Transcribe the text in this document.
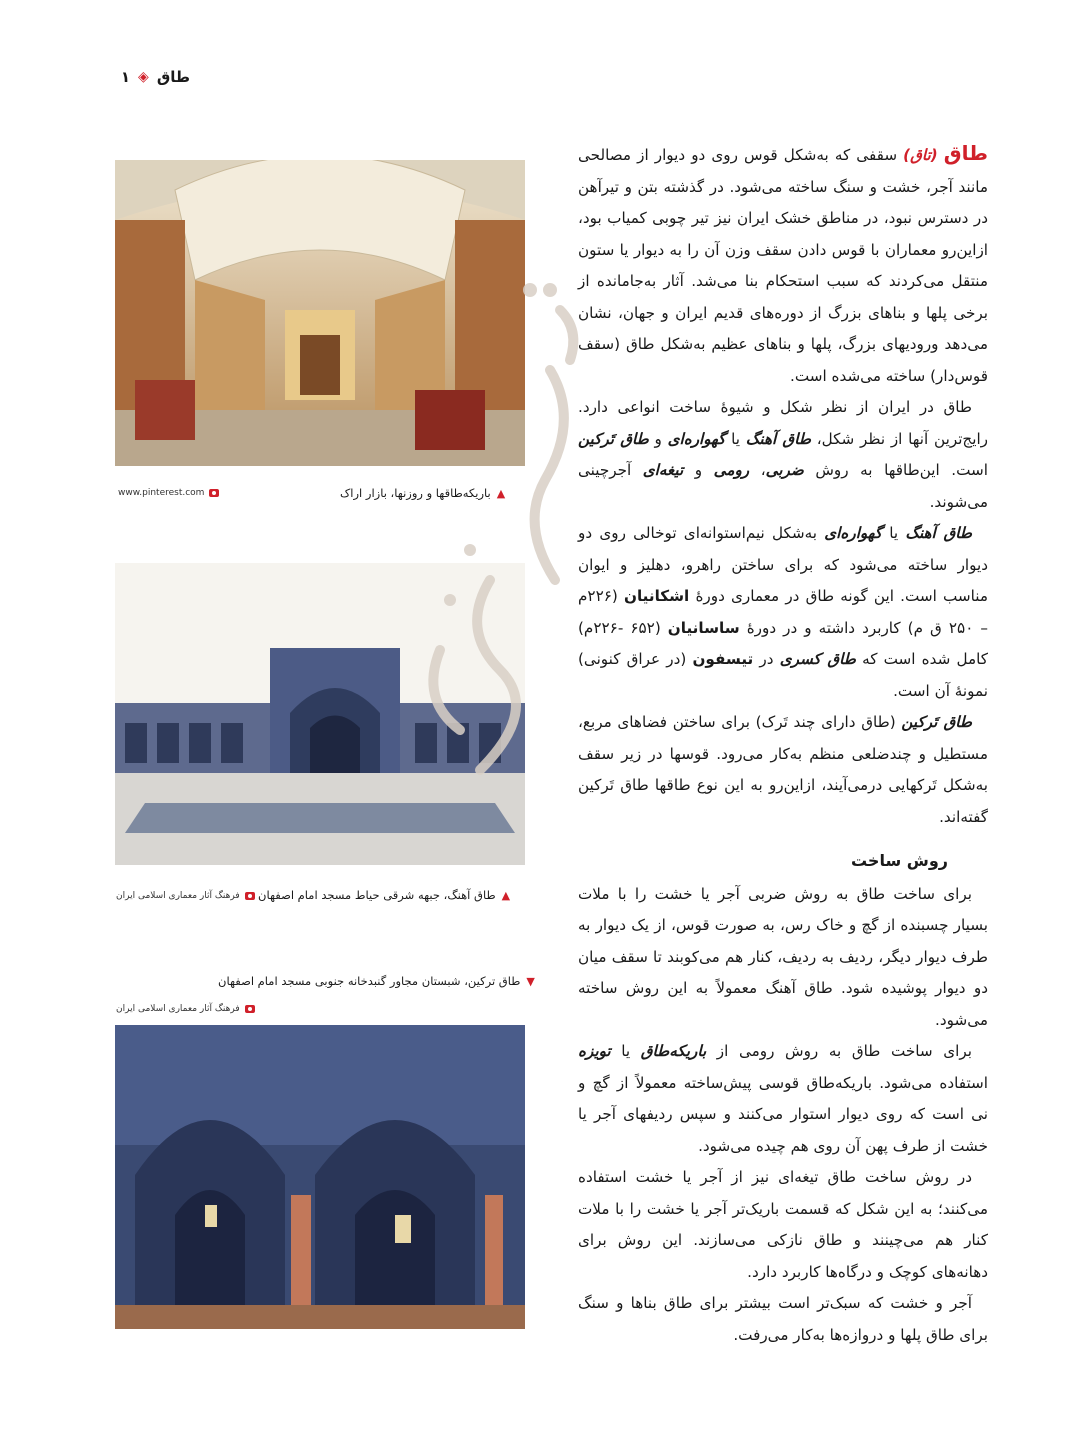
طاق
◈
۱
▲
باریکه‌طاقها و روزنها، بازار اراک
www.pinterest.com
▲
طاق آهنگ، جبهه شرقی حیاط مسجد امام اصفهان
فرهنگ آثار معماری اسلامی ایران
▼
طاق ترکین، شبستان مجاور گنبدخانه جنوبی مسجد امام اصفهان
فرهنگ آثار معماری اسلامی ایران

طاق (تاق) سقفی که به‌شکل قوس روی دو دیوار از مصالحی مانند آجر، خشت و سنگ ساخته می‌شود. در گذشته بتن و تیرآهن در دسترس نبود، در مناطق خشک ایران نیز تیر چوبی کمیاب بود، ازاین‌رو معماران با قوس دادن سقف وزن آن را به دیوار یا ستون منتقل می‌کردند که سبب استحکام بنا می‌شد. آثار به‌جامانده از برخی پلها و بناهای بزرگ از دوره‌های قدیم ایران و جهان، نشان می‌دهد ورودیهای بزرگ، پلها و بناهای عظیم به‌شکل طاق (سقف قوس‌دار) ساخته می‌شده است.

طاق در ایران از نظر شکل و شیوهٔ ساخت انواعی دارد. رایج‌ترین آنها از نظر شکل، طاق آهنگ یا گهواره‌ای و طاق تَرکین است. این‌طاقها به روش ضربی، رومی و تیغه‌ای آجرچینی می‌شوند.

طاق آهنگ یا گهواره‌ای به‌شکل نیم‌استوانه‌ای توخالی روی دو دیوار ساخته می‌شود که برای ساختن راهرو، دهلیز و ایوان مناسب است. این گونه طاق در معماری دورهٔ اشکانیان (۲۲۶م – ۲۵۰ ق م) کاربرد داشته و در دورهٔ ساسانیان (۶۵۲ -۲۲۶م) کامل شده است که طاق کسری در تیسفون (در عراق کنونی) نمونهٔ آن است.

طاق تَرکین (طاق دارای چند تَرک) برای ساختن فضاهای مربع، مستطیل و چندضلعی منظم به‌کار می‌رود. قوسها در زیر سقف به‌شکل تَرکهایی درمی‌آیند، ازاین‌رو به این نوع طاقها طاق تَرکین گفته‌اند.

روش ساخت

برای ساخت طاق به روش ضربی آجر یا خشت را با ملات بسیار چسبنده از گچ و خاک رس، به صورت قوس، از یک دیوار به طرف دیوار دیگر، ردیف به ردیف، کنار هم می‌کوبند تا سقف میان دو دیوار پوشیده شود. طاق آهنگ معمولاً به این روش ساخته می‌شود.

برای ساخت طاق به روش رومی از باریکه‌طاق یا تویزه استفاده می‌شود. باریکه‌طاق قوسی پیش‌ساخته معمولاً از گچ و نی است که روی دیوار استوار می‌کنند و سپس ردیفهای آجر یا خشت از طرف پهن آن روی هم چیده می‌شود.

در روش ساخت طاق تیغه‌ای نیز از آجر یا خشت استفاده می‌کنند؛ به این شکل که قسمت باریک‌تر آجر یا خشت را با ملات کنار هم می‌چینند و طاق نازکی می‌سازند. این روش برای دهانه‌های کوچک و درگاه‌ها کاربرد دارد.

آجر و خشت که سبک‌تر است بیشتر برای طاق بناها و سنگ برای طاق پلها و دروازه‌ها به‌کار می‌رفت.
